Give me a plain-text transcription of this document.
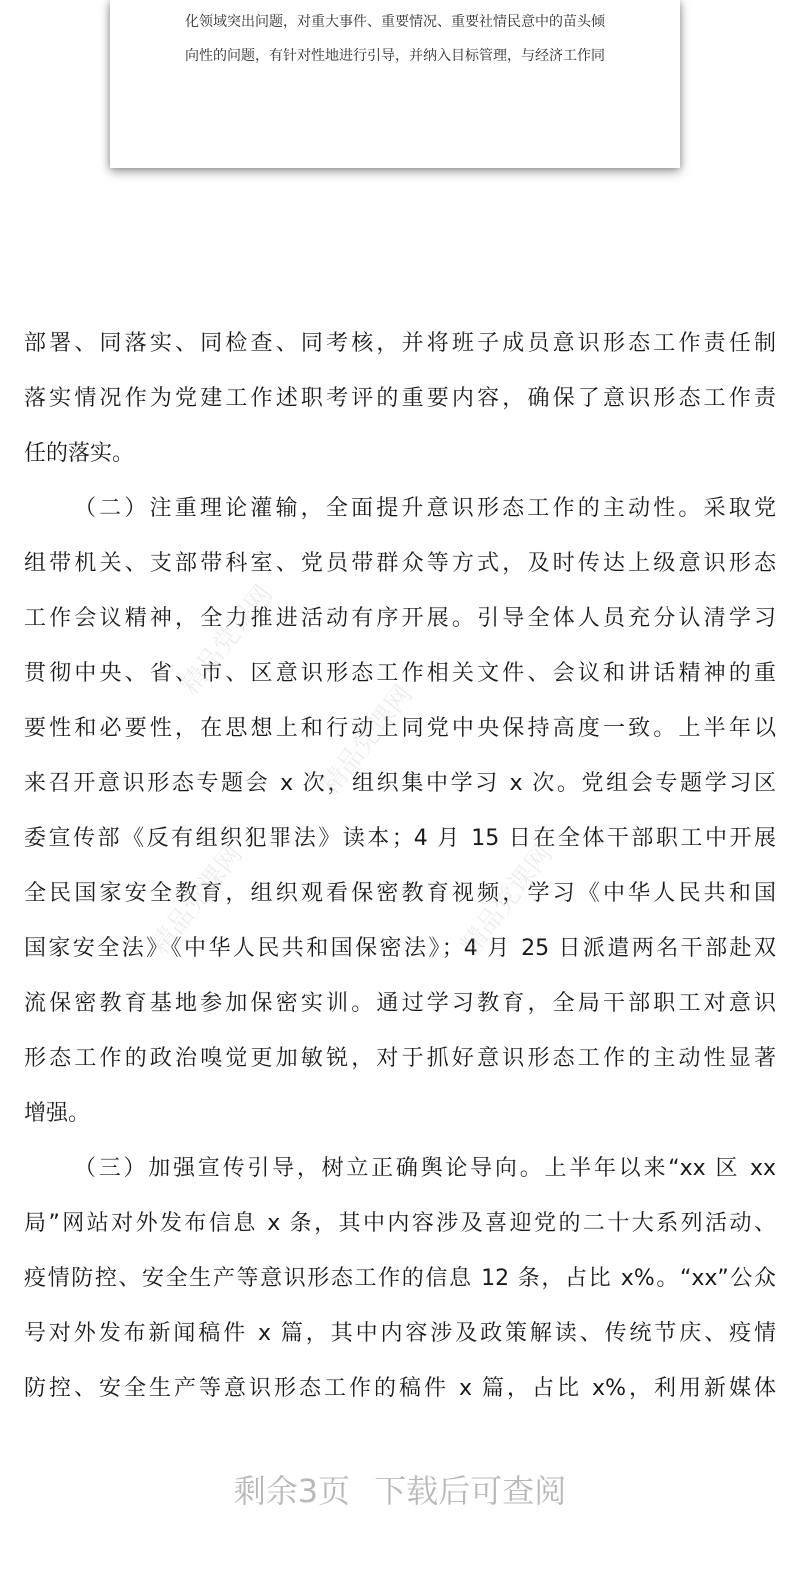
化领域突出问题，对重大事件、重要情况、重要社情民意中的苗头倾
向性的问题，有针对性地进行引导，并纳入目标管理，与经济工作同
部署、同落实、同检查、同考核，并将班子成员意识形态工作责任制
落实情况作为党建工作述职考评的重要内容，确保了意识形态工作责
任的落实。
（二）注重理论灌输，全面提升意识形态工作的主动性。采取党
组带机关、支部带科室、党员带群众等方式，及时传达上级意识形态
工作会议精神，全力推进活动有序开展。引导全体人员充分认清学习
贯彻中央、省、市、区意识形态工作相关文件、会议和讲话精神的重
要性和必要性，在思想上和行动上同党中央保持高度一致。上半年以
来召开意识形态专题会 x 次，组织集中学习 x 次。党组会专题学习区
委宣传部《反有组织犯罪法》读本；4 月 15 日在全体干部职工中开展
全民国家安全教育，组织观看保密教育视频，学习《中华人民共和国
国家安全法》《中华人民共和国保密法》；4 月 25 日派遣两名干部赴双
流保密教育基地参加保密实训。通过学习教育，全局干部职工对意识
形态工作的政治嗅觉更加敏锐，对于抓好意识形态工作的主动性显著
增强。
（三）加强宣传引导，树立正确舆论导向。上半年以来“xx 区 xx
局”网站对外发布信息 x 条，其中内容涉及喜迎党的二十大系列活动、
疫情防控、安全生产等意识形态工作的信息 12 条，占比 x%。“xx”公众
号对外发布新闻稿件 x 篇，其中内容涉及政策解读、传统节庆、疫情
防控、安全生产等意识形态工作的稿件 x 篇，占比 x%，利用新媒体
精品党课网
精品党课网
精品党课网	精品党课网
剩余3页 下载后可查阅
